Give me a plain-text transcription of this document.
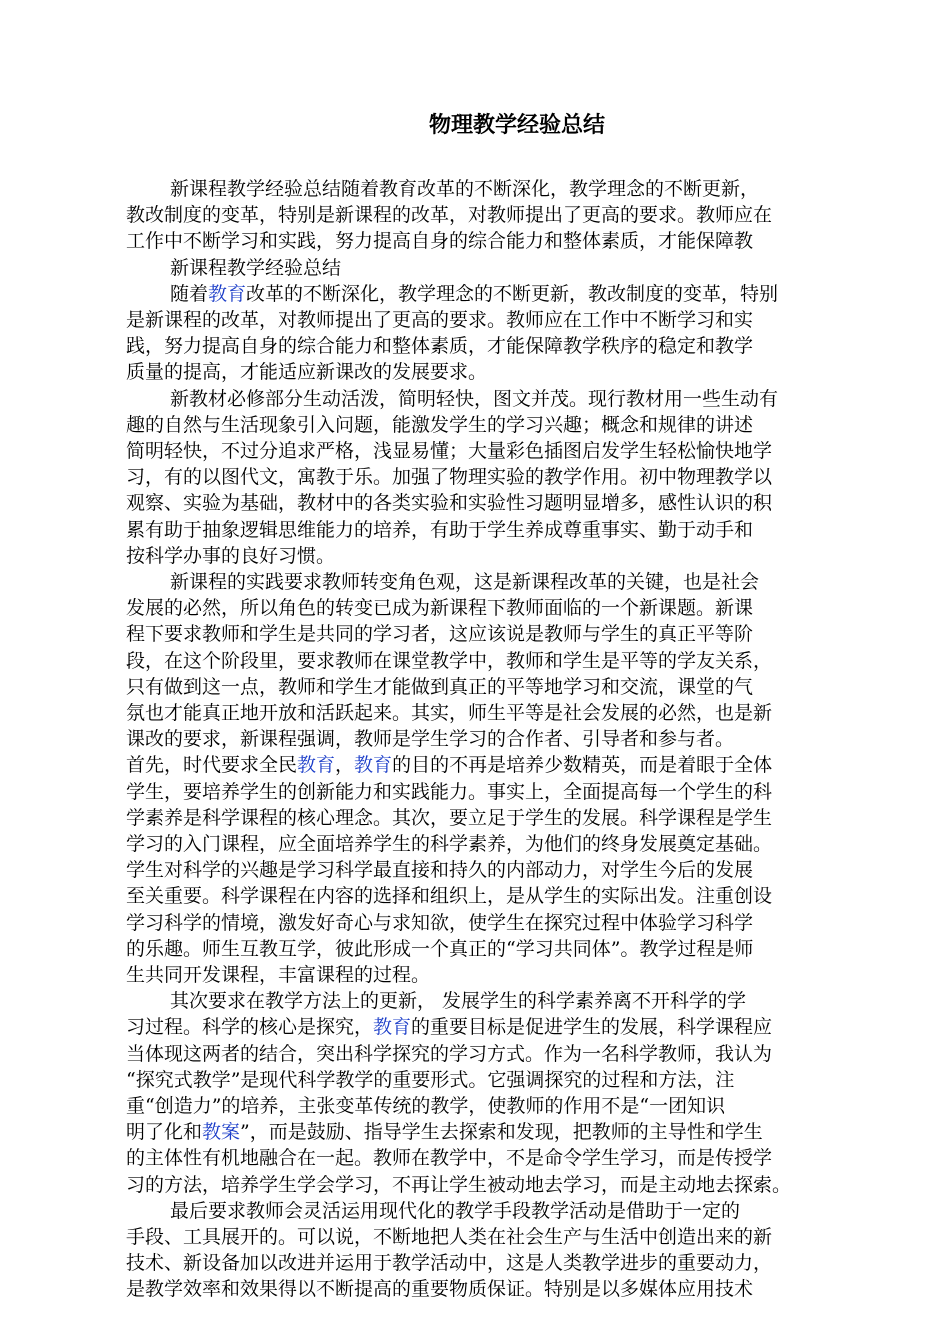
物理教学经验总结
新课程教学经验总结随着教育改革的不断深化，教学理念的不断更新，
教改制度的变革，特别是新课程的改革，对教师提出了更高的要求。教师应在
工作中不断学习和实践，努力提高自身的综合能力和整体素质，才能保障教
新课程教学经验总结
随着教育改革的不断深化，教学理念的不断更新，教改制度的变革，特别
是新课程的改革，对教师提出了更高的要求。教师应在工作中不断学习和实
践，努力提高自身的综合能力和整体素质，才能保障教学秩序的稳定和教学
质量的提高，才能适应新课改的发展要求。
新教材必修部分生动活泼，简明轻快，图文并茂。现行教材用一些生动有
趣的自然与生活现象引入问题，能激发学生的学习兴趣；概念和规律的讲述
简明轻快，不过分追求严格，浅显易懂；大量彩色插图启发学生轻松愉快地学
习，有的以图代文，寓教于乐。加强了物理实验的教学作用。初中物理教学以
观察、实验为基础，教材中的各类实验和实验性习题明显增多，感性认识的积
累有助于抽象逻辑思维能力的培养，有助于学生养成尊重事实、勤于动手和
按科学办事的良好习惯。
新课程的实践要求教师转变角色观，这是新课程改革的关键，也是社会
发展的必然，所以角色的转变已成为新课程下教师面临的一个新课题。新课
程下要求教师和学生是共同的学习者，这应该说是教师与学生的真正平等阶
段，在这个阶段里，要求教师在课堂教学中，教师和学生是平等的学友关系，
只有做到这一点，教师和学生才能做到真正的平等地学习和交流，课堂的气
氛也才能真正地开放和活跃起来。其实，师生平等是社会发展的必然，也是新
课改的要求，新课程强调，教师是学生学习的合作者、引导者和参与者。
首先，时代要求全民教育，教育的目的不再是培养少数精英，而是着眼于全体
学生，要培养学生的创新能力和实践能力。事实上，全面提高每一个学生的科
学素养是科学课程的核心理念。其次，要立足于学生的发展。科学课程是学生
学习的入门课程，应全面培养学生的科学素养，为他们的终身发展奠定基础。
学生对科学的兴趣是学习科学最直接和持久的内部动力，对学生今后的发展
至关重要。科学课程在内容的选择和组织上，是从学生的实际出发。注重创设
学习科学的情境，激发好奇心与求知欲，使学生在探究过程中体验学习科学
的乐趣。师生互教互学，彼此形成一个真正的“学习共同体”。教学过程是师
生共同开发课程，丰富课程的过程。
其次要求在教学方法上的更新， 发展学生的科学素养离不开科学的学
习过程。科学的核心是探究，教育的重要目标是促进学生的发展，科学课程应
当体现这两者的结合，突出科学探究的学习方式。作为一名科学教师，我认为
“探究式教学”是现代科学教学的重要形式。它强调探究的过程和方法，注
重“创造力”的培养，主张变革传统的教学，使教师的作用不是“一团知识
明了化和教案”，而是鼓励、指导学生去探索和发现，把教师的主导性和学生
的主体性有机地融合在一起。教师在教学中，不是命令学生学习，而是传授学
习的方法，培养学生学会学习，不再让学生被动地去学习，而是主动地去探索。
最后要求教师会灵活运用现代化的教学手段教学活动是借助于一定的
手段、工具展开的。可以说，不断地把人类在社会生产与生活中创造出来的新
技术、新设备加以改进并运用于教学活动中，这是人类教学进步的重要动力，
是教学效率和效果得以不断提高的重要物质保证。特别是以多媒体应用技术
